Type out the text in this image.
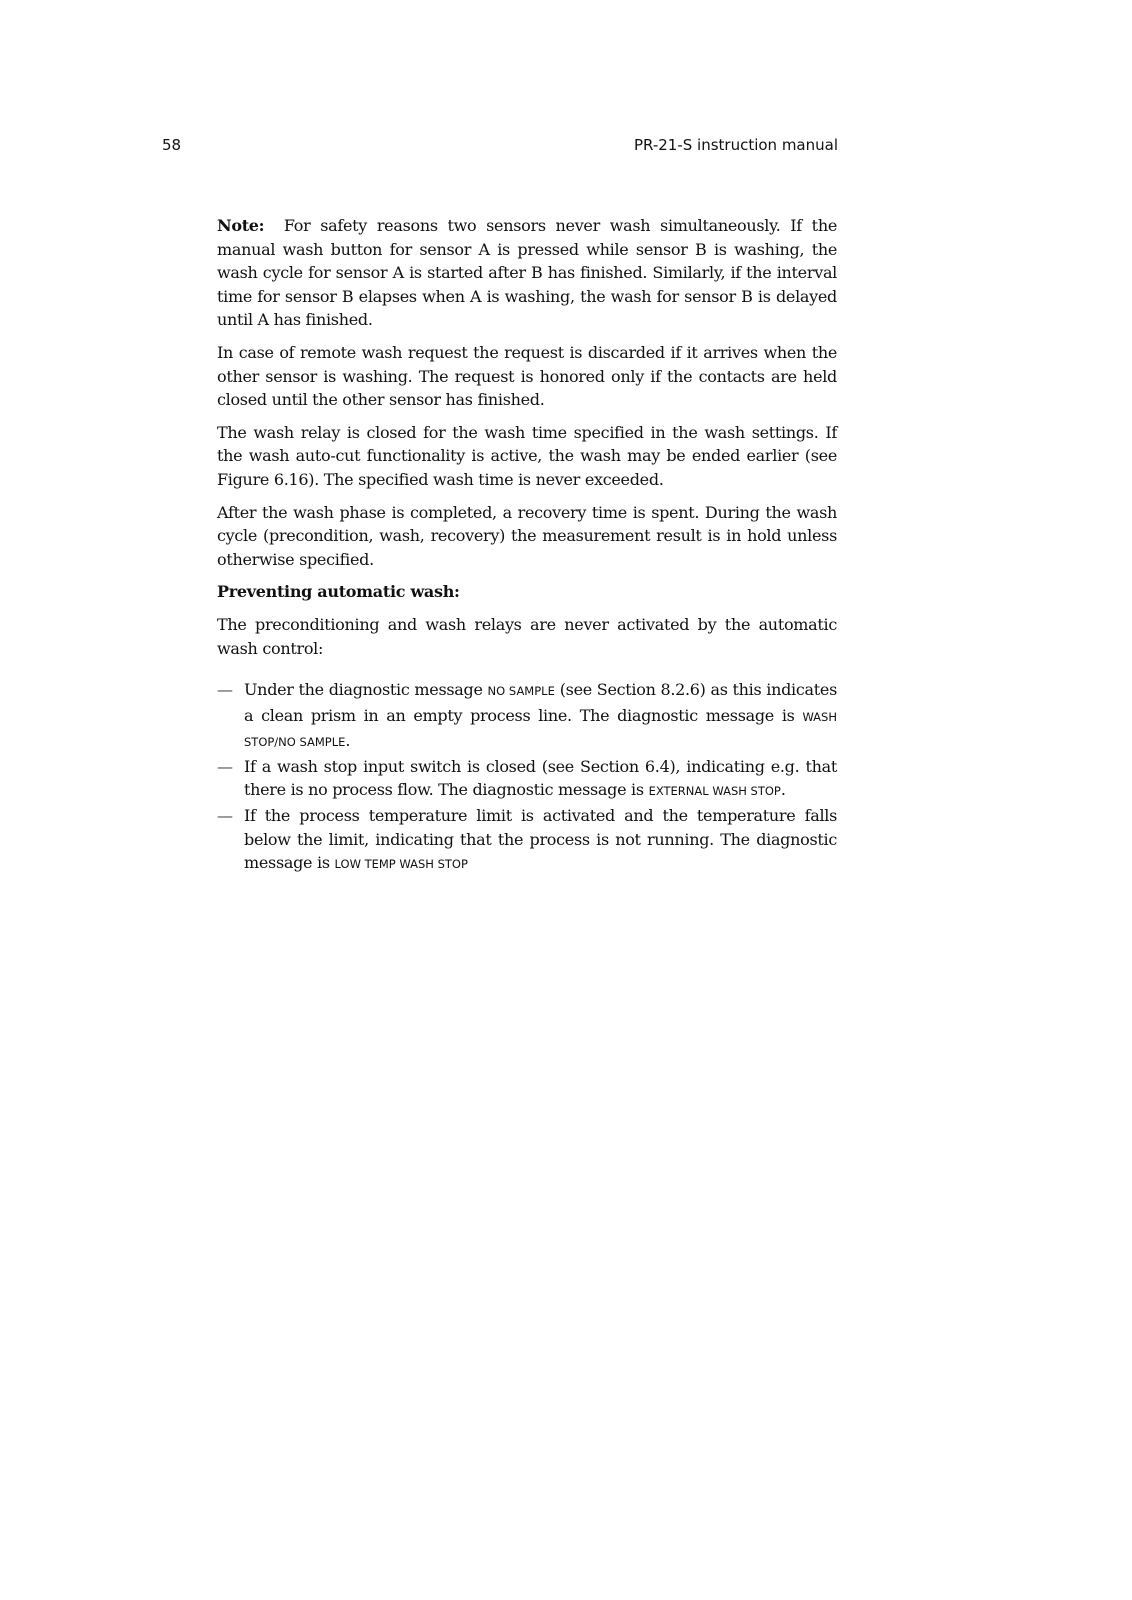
58	PR-21-S instruction manual

Note: For safety reasons two sensors never wash simultaneously. If the manual wash button for sensor A is pressed while sensor B is washing, the wash cycle for sensor A is started after B has finished. Similarly, if the interval time for sensor B elapses when A is washing, the wash for sensor B is delayed until A has finished.

In case of remote wash request the request is discarded if it arrives when the other sensor is washing. The request is honored only if the contacts are held closed until the other sensor has finished.

The wash relay is closed for the wash time specified in the wash settings. If the wash auto-cut functionality is active, the wash may be ended earlier (see Figure 6.16). The specified wash time is never exceeded.

After the wash phase is completed, a recovery time is spent. During the wash cycle (precondition, wash, recovery) the measurement result is in hold unless otherwise specified.

Preventing automatic wash:

The preconditioning and wash relays are never activated by the automatic wash control:

— Under the diagnostic message NO SAMPLE (see Section 8.2.6) as this indicates a clean prism in an empty process line. The diagnostic message is WASH STOP/NO SAMPLE.
— If a wash stop input switch is closed (see Section 6.4), indicating e.g. that there is no process flow. The diagnostic message is EXTERNAL WASH STOP.
— If the process temperature limit is activated and the temperature falls below the limit, indicating that the process is not running. The diagnostic message is LOW TEMP WASH STOP
